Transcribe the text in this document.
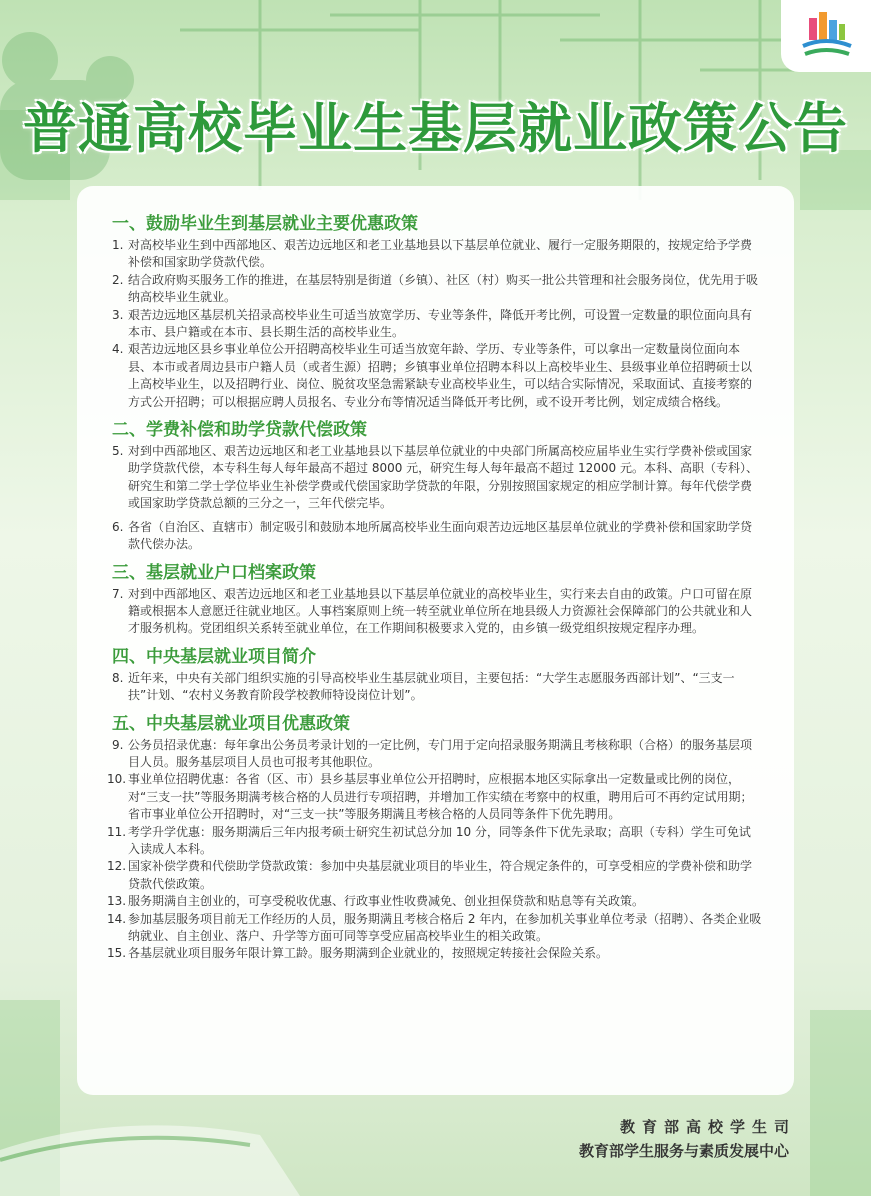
普通高校毕业生基层就业政策公告
一、鼓励毕业生到基层就业主要优惠政策
1. 对高校毕业生到中西部地区、艰苦边远地区和老工业基地县以下基层单位就业、履行一定服务期限的，按规定给予学费补偿和国家助学贷款代偿。
2. 结合政府购买服务工作的推进，在基层特别是街道（乡镇）、社区（村）购买一批公共管理和社会服务岗位，优先用于吸纳高校毕业生就业。
3. 艰苦边远地区基层机关招录高校毕业生可适当放宽学历、专业等条件，降低开考比例，可设置一定数量的职位面向具有本市、县户籍或在本市、县长期生活的高校毕业生。
4. 艰苦边远地区县乡事业单位公开招聘高校毕业生可适当放宽年龄、学历、专业等条件，可以拿出一定数量岗位面向本县、本市或者周边县市户籍人员（或者生源）招聘；乡镇事业单位招聘本科以上高校毕业生、县级事业单位招聘硕士以上高校毕业生，以及招聘行业、岗位、脱贫攻坚急需紧缺专业高校毕业生，可以结合实际情况，采取面试、直接考察的方式公开招聘；可以根据应聘人员报名、专业分布等情况适当降低开考比例，或不设开考比例，划定成绩合格线。
二、学费补偿和助学贷款代偿政策
5. 对到中西部地区、艰苦边远地区和老工业基地县以下基层单位就业的中央部门所属高校应届毕业生实行学费补偿或国家助学贷款代偿，本专科生每人每年最高不超过 8000 元，研究生每人每年最高不超过 12000 元。本科、高职（专科）、研究生和第二学士学位毕业生补偿学费或代偿国家助学贷款的年限，分别按照国家规定的相应学制计算。每年代偿学费或国家助学贷款总额的三分之一，三年代偿完毕。
6. 各省（自治区、直辖市）制定吸引和鼓励本地所属高校毕业生面向艰苦边远地区基层单位就业的学费补偿和国家助学贷款代偿办法。
三、基层就业户口档案政策
7. 对到中西部地区、艰苦边远地区和老工业基地县以下基层单位就业的高校毕业生，实行来去自由的政策。户口可留在原籍或根据本人意愿迁往就业地区。人事档案原则上统一转至就业单位所在地县级人力资源社会保障部门的公共就业和人才服务机构。党团组织关系转至就业单位，在工作期间积极要求入党的，由乡镇一级党组织按规定程序办理。
四、中央基层就业项目简介
8. 近年来，中央有关部门组织实施的引导高校毕业生基层就业项目，主要包括：“大学生志愿服务西部计划”、“三支一扶”计划、“农村义务教育阶段学校教师特设岗位计划”。
五、中央基层就业项目优惠政策
9. 公务员招录优惠：每年拿出公务员考录计划的一定比例，专门用于定向招录服务期满且考核称职（合格）的服务基层项目人员。服务基层项目人员也可报考其他职位。
10. 事业单位招聘优惠：各省（区、市）县乡基层事业单位公开招聘时，应根据本地区实际拿出一定数量或比例的岗位，对“三支一扶”等服务期满考核合格的人员进行专项招聘，并增加工作实绩在考察中的权重，聘用后可不再约定试用期；省市事业单位公开招聘时，对“三支一扶”等服务期满且考核合格的人员同等条件下优先聘用。
11. 考学升学优惠：服务期满后三年内报考硕士研究生初试总分加 10 分，同等条件下优先录取；高职（专科）学生可免试入读成人本科。
12. 国家补偿学费和代偿助学贷款政策：参加中央基层就业项目的毕业生，符合规定条件的，可享受相应的学费补偿和助学贷款代偿政策。
13. 服务期满自主创业的，可享受税收优惠、行政事业性收费减免、创业担保贷款和贴息等有关政策。
14. 参加基层服务项目前无工作经历的人员，服务期满且考核合格后 2 年内，在参加机关事业单位考录（招聘）、各类企业吸纳就业、自主创业、落户、升学等方面可同等享受应届高校毕业生的相关政策。
15. 各基层就业项目服务年限计算工龄。服务期满到企业就业的，按照规定转接社会保险关系。
教育部高校学生司
教育部学生服务与素质发展中心
